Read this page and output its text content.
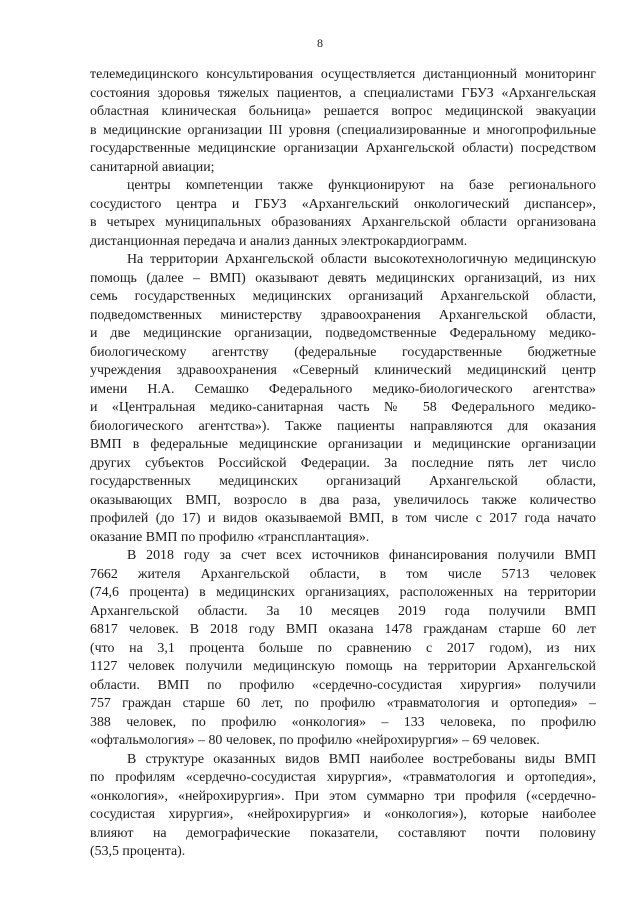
8
телемедицинского консультирования осуществляется дистанционный мониторинг
состояния здоровья тяжелых пациентов, а специалистами ГБУЗ «Архангельская
областная клиническая больница» решается вопрос медицинской эвакуации
в медицинские организации III уровня (специализированные и многопрофильные
государственные медицинские организации Архангельской области) посредством
санитарной авиации;
центры компетенции также функционируют на базе регионального
сосудистого центра и ГБУЗ «Архангельский онкологический диспансер»,
в четырех муниципальных образованиях Архангельской области организована
дистанционная передача и анализ данных электрокардиограмм.
На территории Архангельской области высокотехнологичную медицинскую
помощь (далее – ВМП) оказывают девять медицинских организаций, из них
семь государственных медицинских организаций Архангельской области,
подведомственных министерству здравоохранения Архангельской области,
и две медицинские организации, подведомственные Федеральному медико-
биологическому агентству (федеральные государственные бюджетные
учреждения здравоохранения «Северный клинический медицинский центр
имени Н.А. Семашко Федерального медико-биологического агентства»
и «Центральная медико-санитарная часть № 58 Федерального медико-
биологического агентства»). Также пациенты направляются для оказания
ВМП в федеральные медицинские организации и медицинские организации
других субъектов Российской Федерации. За последние пять лет число
государственных медицинских организаций Архангельской области,
оказывающих ВМП, возросло в два раза, увеличилось также количество
профилей (до 17) и видов оказываемой ВМП, в том числе с 2017 года начато
оказание ВМП по профилю «трансплантация».
В 2018 году за счет всех источников финансирования получили ВМП
7662 жителя Архангельской области, в том числе 5713 человек
(74,6 процента) в медицинских организациях, расположенных на территории
Архангельской области. За 10 месяцев 2019 года получили ВМП
6817 человек. В 2018 году ВМП оказана 1478 гражданам старше 60 лет
(что на 3,1 процента больше по сравнению с 2017 годом), из них
1127 человек получили медицинскую помощь на территории Архангельской
области. ВМП по профилю «сердечно-сосудистая хирургия» получили
757 граждан старше 60 лет, по профилю «травматология и ортопедия» –
388 человек, по профилю «онкология» – 133 человека, по профилю
«офтальмология» – 80 человек, по профилю «нейрохирургия» – 69 человек.
В структуре оказанных видов ВМП наиболее востребованы виды ВМП
по профилям «сердечно-сосудистая хирургия», «травматология и ортопедия»,
«онкология», «нейрохирургия». При этом суммарно три профиля («сердечно-
сосудистая хирургия», «нейрохирургия» и «онкология»), которые наиболее
влияют на демографические показатели, составляют почти половину
(53,5 процента).
